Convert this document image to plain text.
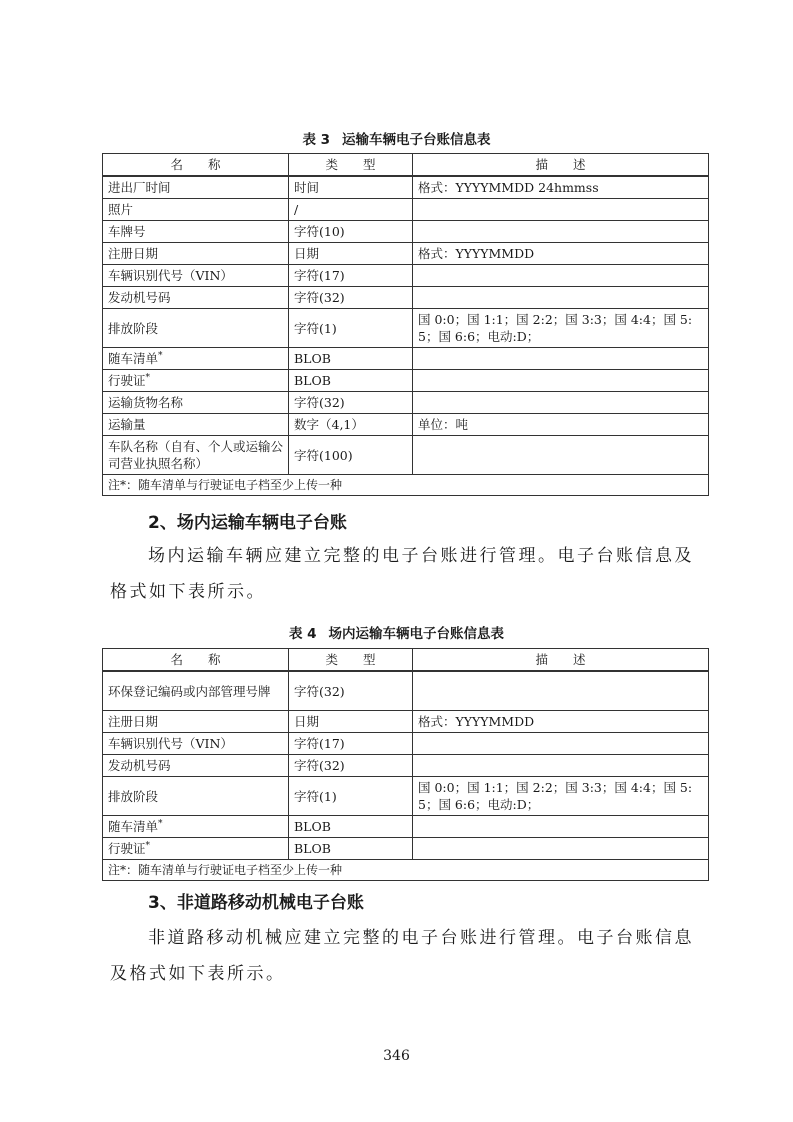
表 3 运输车辆电子台账信息表
名　　称	类　　型	描　　述
进出厂时间	时间	格式：YYYYMMDD 24hmmss
照片	/	
车牌号	字符(10)	
注册日期	日期	格式：YYYYMMDD
车辆识别代号（VIN）	字符(17)	
发动机号码	字符(32)	
排放阶段	字符(1)	国 0:0；国 1:1；国 2:2；国 3:3；国 4:4；国 5:5；国 6:6；电动:D；
随车清单*	BLOB	
行驶证*	BLOB	
运输货物名称	字符(32)	
运输量	数字（4,1）	单位：吨
车队名称（自有、个人或运输公司营业执照名称）	字符(100)	
注*：随车清单与行驶证电子档至少上传一种		
2、场内运输车辆电子台账
场内运输车辆应建立完整的电子台账进行管理。电子台账信息及格式如下表所示。
表 4 场内运输车辆电子台账信息表
名　　称	类　　型	描　　述
环保登记编码或内部管理号牌	字符(32)	
注册日期	日期	格式：YYYYMMDD
车辆识别代号（VIN）	字符(17)	
发动机号码	字符(32)	
排放阶段	字符(1)	国 0:0；国 1:1；国 2:2；国 3:3；国 4:4；国 5:5；国 6:6；电动:D；
随车清单*	BLOB	
行驶证*	BLOB	
注*：随车清单与行驶证电子档至少上传一种		
3、非道路移动机械电子台账
非道路移动机械应建立完整的电子台账进行管理。电子台账信息及格式如下表所示。
346
